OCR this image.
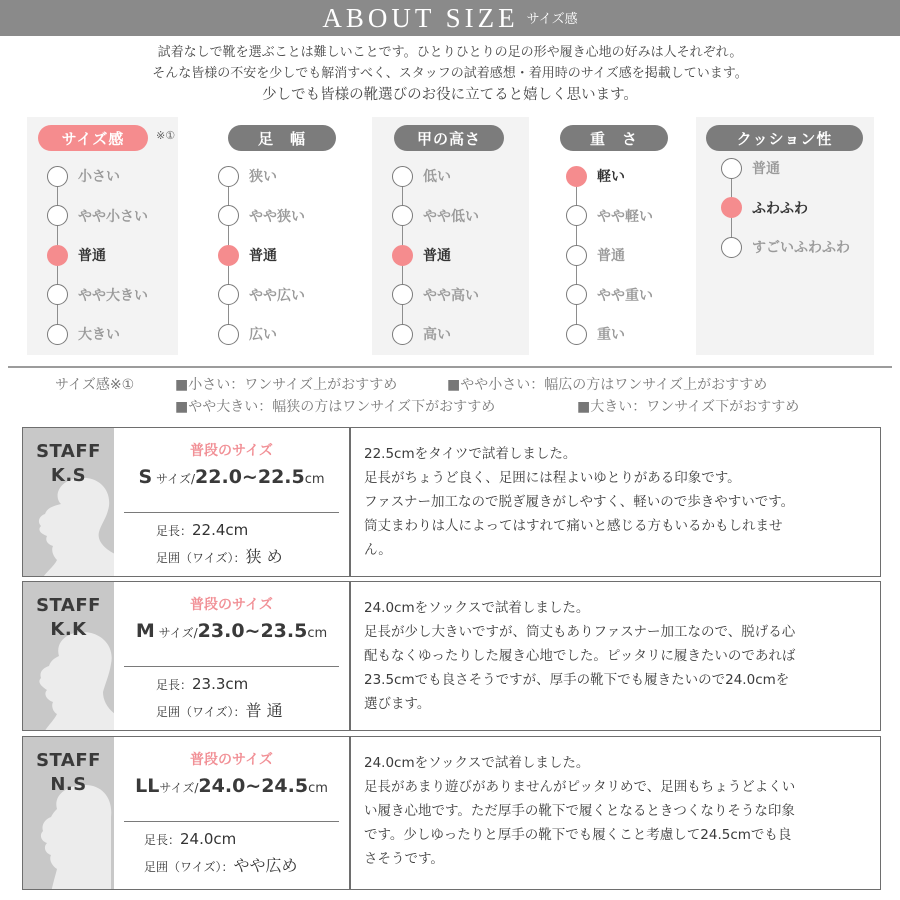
ABOUT SIZE サイズ感

試着なしで靴を選ぶことは難しいことです。ひとりひとりの足の形や履き心地の好みは人それぞれ。

そんな皆様の不安を少しでも解消すべく、スタッフの試着感想・着用時のサイズ感を掲載しています。

少しでも皆様の靴選びのお役に立てると嬉しく思います。

サイズ感	※①
小さい
やや小さい
普通
やや大きい
大きい
足　幅
狭い
やや狭い
普通
やや広い
広い
甲の高さ
低い
やや低い
普通
やや高い
高い
重　さ
軽い
やや軽い
普通
やや重い
重い
クッション性
普通
ふわふわ
すごいふわふわ
サイズ感※①	■小さい：ワンサイズ上がおすすめ	■やや小さい：幅広の方はワンサイズ上がおすすめ
■やや大きい：幅狭の方はワンサイズ下がおすすめ	■大きい：ワンサイズ下がおすすめ
STAFF
K.S
普段のサイズ
S サイズ/22.0~22.5cm
足長：22.4cm
足囲（ワイズ）：狭 め

22.5cmをタイツで試着しました。

足長がちょうど良く、足囲には程よいゆとりがある印象です。

ファスナー加工なので脱ぎ履きがしやすく、軽いので歩きやすいです。

筒丈まわりは人によってはすれて痛いと感じる方もいるかもしれませ

ん。

STAFF
K.K
普段のサイズ
M サイズ/23.0~23.5cm
足長：23.3cm
足囲（ワイズ）：普 通

24.0cmをソックスで試着しました。

足長が少し大きいですが、筒丈もありファスナー加工なので、脱げる心

配もなくゆったりした履き心地でした。ピッタリに履きたいのであれば

23.5cmでも良さそうですが、厚手の靴下でも履きたいので24.0cmを

選びます。

STAFF
N.S
普段のサイズ
LLサイズ/24.0~24.5cm
足長：24.0cm
足囲（ワイズ）：やや広め

24.0cmをソックスで試着しました。

足長があまり遊びがありませんがピッタリめで、足囲もちょうどよくい

い履き心地です。ただ厚手の靴下で履くとなるときつくなりそうな印象

です。少しゆったりと厚手の靴下でも履くこと考慮して24.5cmでも良

さそうです。
